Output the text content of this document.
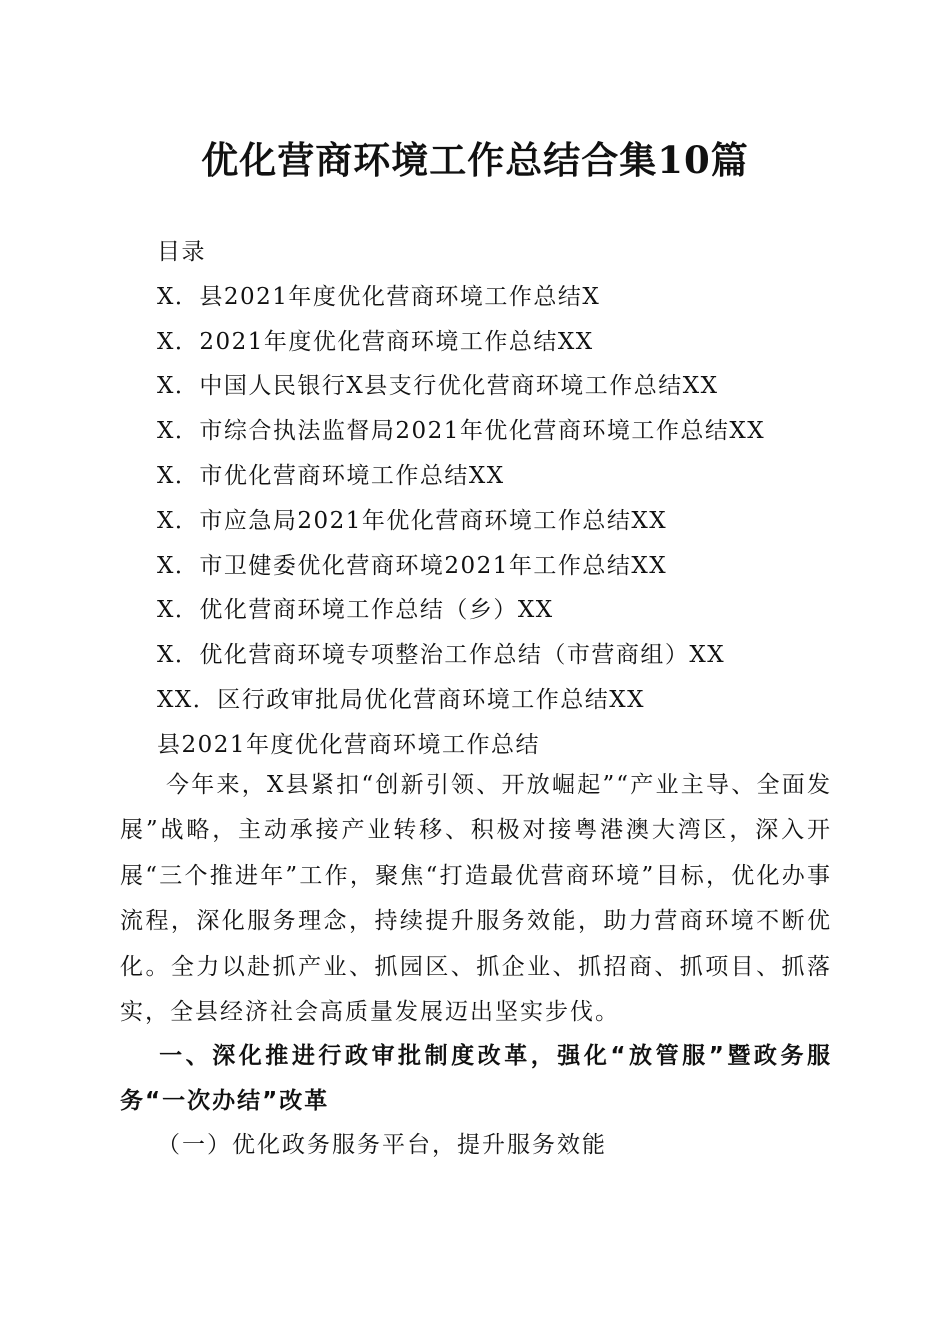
优化营商环境工作总结合集10篇
目录
X．县2021年度优化营商环境工作总结X
X．2021年度优化营商环境工作总结XX
X．中国人民银行X县支行优化营商环境工作总结XX
X．市综合执法监督局2021年优化营商环境工作总结XX
X．市优化营商环境工作总结XX
X．市应急局2021年优化营商环境工作总结XX
X．市卫健委优化营商环境2021年工作总结XX
X．优化营商环境工作总结（乡）XX
X．优化营商环境专项整治工作总结（市营商组）XX
XX．区行政审批局优化营商环境工作总结XX
县2021年度优化营商环境工作总结

今年来，X县紧扣“创新引领、开放崛起”“产业主导、全面发展”战略，主动承接产业转移、积极对接粤港澳大湾区，深入开展“三个推进年”工作，聚焦“打造最优营商环境”目标，优化办事流程，深化服务理念，持续提升服务效能，助力营商环境不断优化。全力以赴抓产业、抓园区、抓企业、抓招商、抓项目、抓落实，全县经济社会高质量发展迈出坚实步伐。

一、深化推进行政审批制度改革，强化“放管服”暨政务服务“一次办结”改革

（一）优化政务服务平台，提升服务效能
